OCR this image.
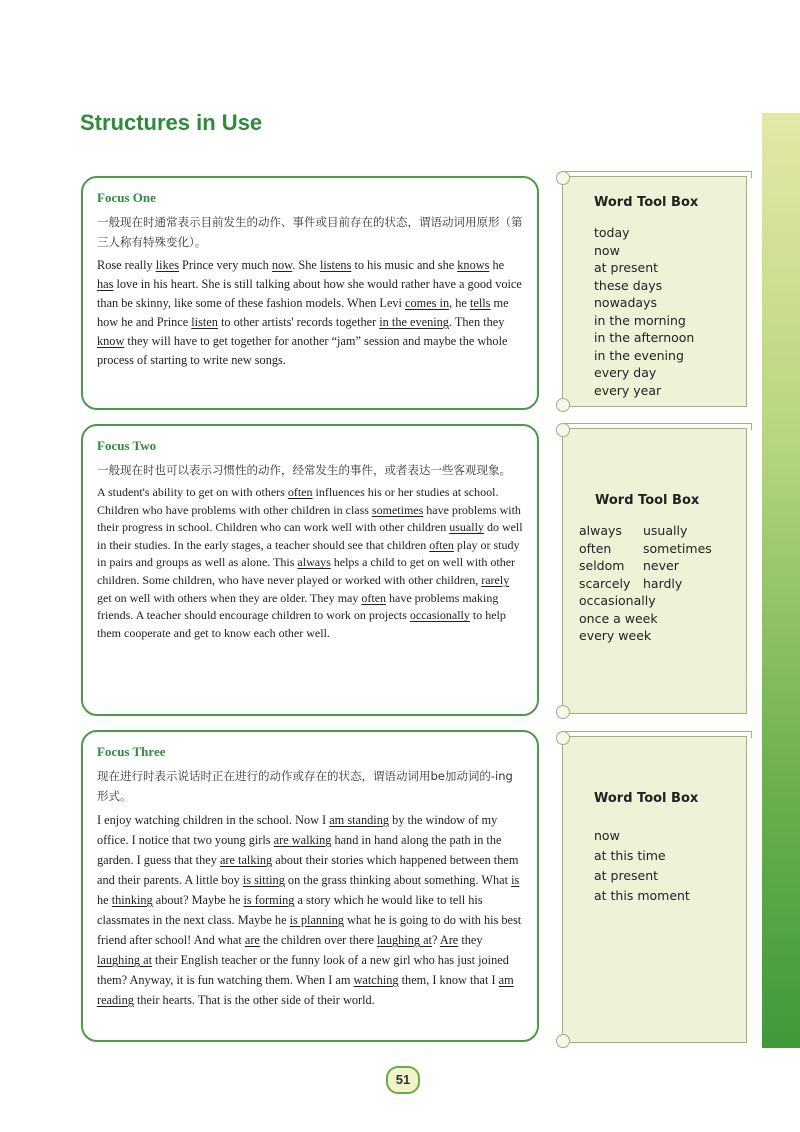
Structures in Use
Focus One
一般现在时通常表示目前发生的动作、事件或目前存在的状态，谓语动词用原形（第三人称有特殊变化）。
Rose really likes Prince very much now. She listens to his music and she knows he has love in his heart. She is still talking about how she would rather have a good voice than be skinny, like some of these fashion models. When Levi comes in, he tells me how he and Prince listen to other artists' records together in the evening. Then they know they will have to get together for another “jam” session and maybe the whole process of starting to write new songs.
Focus Two
一般现在时也可以表示习惯性的动作，经常发生的事件，或者表达一些客观现象。
A student's ability to get on with others often influences his or her studies at school. Children who have problems with other children in class sometimes have problems with their progress in school. Children who can work well with other children usually do well in their studies. In the early stages, a teacher should see that children often play or study in pairs and groups as well as alone. This always helps a child to get on well with other children. Some children, who have never played or worked with other children, rarely get on well with others when they are older. They may often have problems making friends. A teacher should encourage children to work on projects occasionally to help them cooperate and get to know each other well.
Focus Three
现在进行时表示说话时正在进行的动作或存在的状态，谓语动词用be加动词的-ing形式。
I enjoy watching children in the school. Now I am standing by the window of my office. I notice that two young girls are walking hand in hand along the path in the garden. I guess that they are talking about their stories which happened between them and their parents. A little boy is sitting on the grass thinking about something. What is he thinking about? Maybe he is forming a story which he would like to tell his classmates in the next class. Maybe he is planning what he is going to do with his best friend after school! And what are the children over there laughing at? Are they laughing at their English teacher or the funny look of a new girl who has just joined them? Anyway, it is fun watching them. When I am watching them, I know that I am reading their hearts. That is the other side of their world.
Word Tool Box
today
now
at present
these days
nowadays
in the morning
in the afternoon
in the evening
every day
every year
Word Tool Box
always	usually
often	sometimes
seldom	never
scarcely	hardly
occasionally
once a week
every week
Word Tool Box
now
at this time
at present
at this moment
51
